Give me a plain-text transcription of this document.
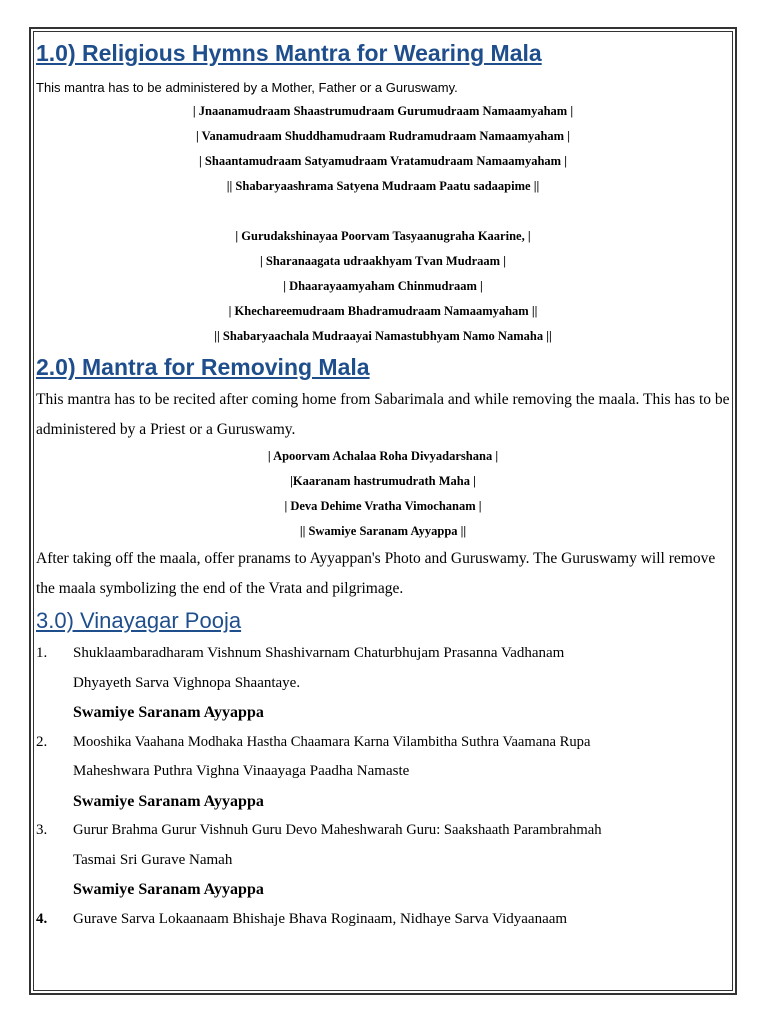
1.0) Religious Hymns Mantra for Wearing Mala
This mantra has to be administered by a Mother, Father or a Guruswamy.
| Jnaanamudraam Shaastrumudraam Gurumudraam Namaamyaham |
| Vanamudraam Shuddhamudraam Rudramudraam Namaamyaham |
| Shaantamudraam Satyamudraam Vratamudraam Namaamyaham |
|| Shabaryaashrama Satyena Mudraam Paatu sadaapime ||
| Gurudakshinayaa Poorvam Tasyaanugraha Kaarine, |
| Sharanaagata udraakhyam Tvan Mudraam |
| Dhaarayaamyaham Chinmudraam |
| Khechareemudraam Bhadramudraam Namaamyaham ||
|| Shabaryaachala Mudraayai Namastubhyam Namo Namaha ||
2.0) Mantra for Removing Mala
This mantra has to be recited after coming home from Sabarimala and while removing the maala. This has to be administered by a Priest or a Guruswamy.
| Apoorvam Achalaa Roha Divyadarshana |
|Kaaranam hastrumudrath Maha |
| Deva Dehime Vratha Vimochanam |
|| Swamiye Saranam Ayyappa ||
After taking off the maala, offer pranams to Ayyappan's Photo and Guruswamy. The Guruswamy will remove the maala symbolizing the end of the Vrata and pilgrimage.
3.0) Vinayagar Pooja
1. Shuklaambaradharam Vishnum Shashivarnam Chaturbhujam Prasanna Vadhanam
Dhyayeth Sarva Vighnopa Shaantaye.
Swamiye Saranam Ayyappa
2. Mooshika Vaahana Modhaka Hastha Chaamara Karna Vilambitha Suthra Vaamana Rupa
Maheshwara Puthra Vighna Vinaayaga Paadha Namaste
Swamiye Saranam Ayyappa
3. Gurur Brahma Gurur Vishnuh Guru Devo Maheshwarah Guru: Saakshaath Parambrahmah
Tasmai Sri Gurave Namah
Swamiye Saranam Ayyappa
4. Gurave Sarva Lokaanaam Bhishaje Bhava Roginaam, Nidhaye Sarva Vidyaanaam
